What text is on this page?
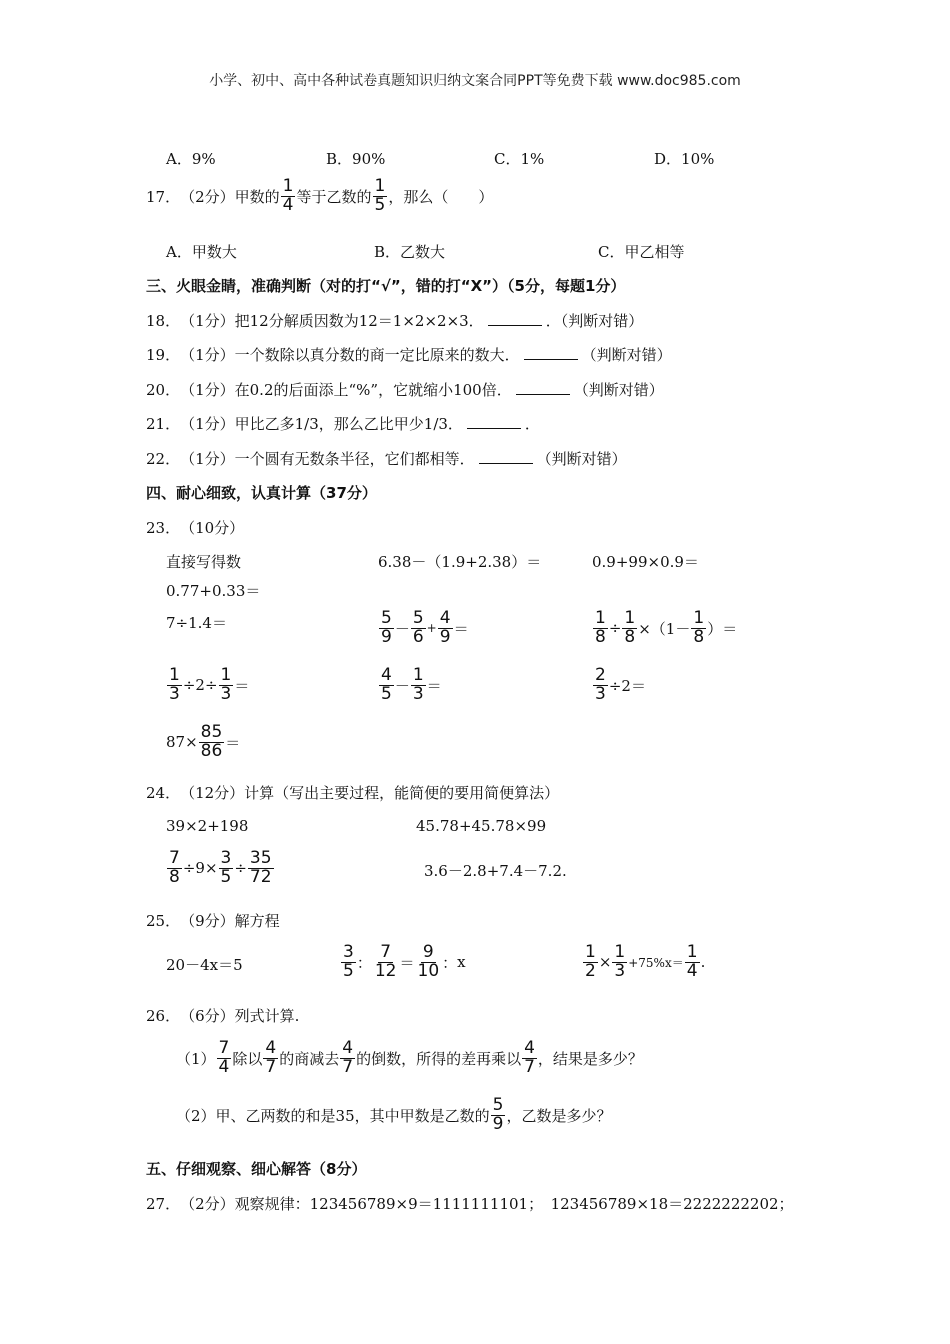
小学、初中、高中各种试卷真题知识归纳文案合同PPT等免费下载 www.doc985.com
A．9%	B．90%	C．1%	D．10%
17． （2分） 甲数的 $\frac{1}{4}$ 等于乙数的 $\frac{1}{5}$ ，那么（　　）
A．甲数大	B．乙数大	C．甲乙相等
三、火眼金睛，准确判断（对的打“√”，错的打“X”）（5分，每题1分）
18．　（1分）把12分解质因数为12＝1×2×2×3．	．（判断对错）
19．　（1分）一个数除以真分数的商一定比原来的数大．	（判断对错）
20．　（1分）在0.2的后面添上“%”，它就缩小100倍．	（判断对错）
21．　（1分）甲比乙多1/3，那么乙比甲少1/3．	．
22．　（1分）一个圆有无数条半径，它们都相等．	（判断对错）
四、耐心细致，认真计算（37分）
23．　（10分）
直接写得数	6.38－（1.9+2.38）＝	0.9+99×0.9＝
0.77+0.33＝
7÷1.4＝	$\frac{5}{9} - \frac{5}{6} + \frac{4}{9}$ ＝	$\frac{1}{8} \div \frac{1}{8} \times(1- \frac{1}{8}$ ）＝
$\frac{1}{3} \div 2\div \frac{1}{3}$ ＝	$\frac{4}{5} - \frac{1}{3}$ ＝	$\frac{2}{3} \div 2=$
$87\times \frac{85}{86}$ ＝
24．　（12分）计算（写出主要过程，能简便的要用简便算法）
39×2+198	45.78+45.78×99
$\frac{7}{8} \div 9\times \frac{3}{5} \div \frac{35}{72}$	3.6－2.8+7.4－7.2.
25．　（9分）解方程
20－4x＝5	$\frac{3}{5}$ ： $\frac{7}{12} = \frac{9}{10}$ ： x	$\frac{1}{2} \times \frac{1}{3} +75\%x= \frac{1}{4}$ .
26．　（6分）列式计算.
$(1) \frac{7}{4}$ 除以 $\frac{4}{7}$ 的商减去 $\frac{4}{7}$ 的倒数，所得的差再乘以 $\frac{4}{7}$ ，结果是多少？
（2）甲、乙两数的和是35，其中甲数是乙数的 $\frac{5}{9}$ ，乙数是多少？
五、仔细观察、细心解答（8分）
27．　（2分）观察规律：123456789×9＝1111111101；　123456789×18＝2222222202；
